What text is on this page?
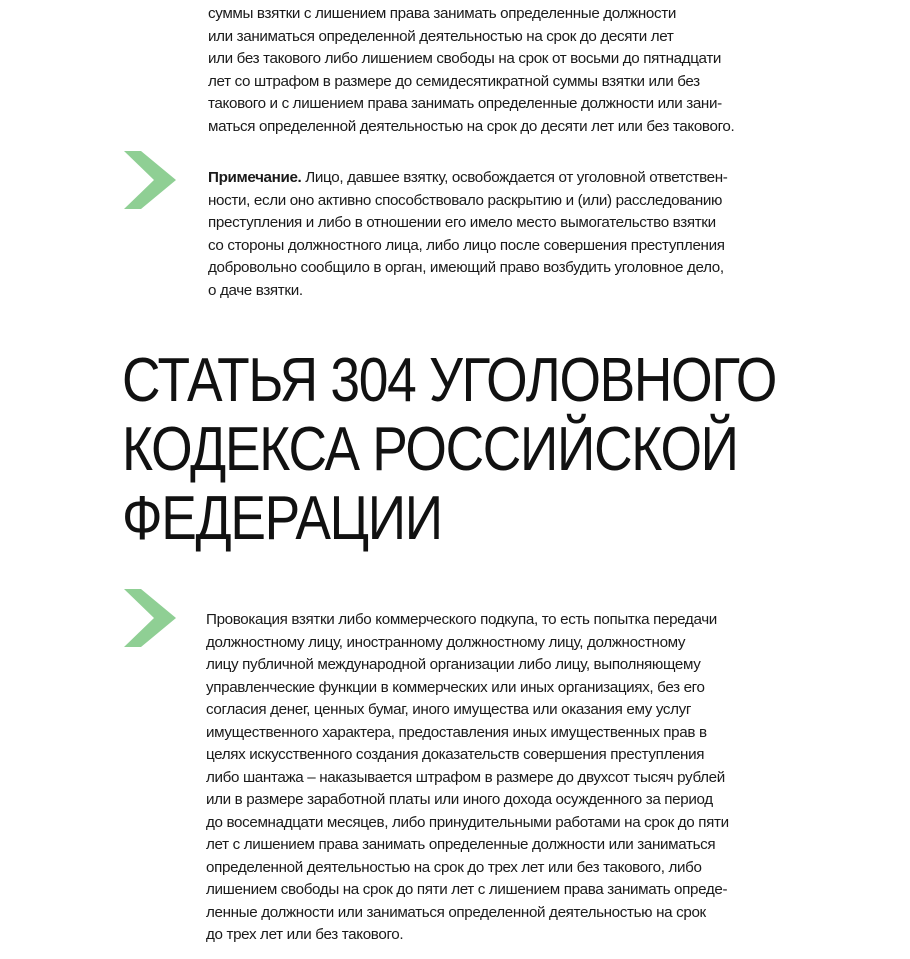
суммы взятки с лишением права занимать определенные должности
или заниматься определенной деятельностью на срок до десяти лет
или без такового либо лишением свободы на срок от восьми до пятнадцати
лет со штрафом в размере до семидесятикратной суммы взятки или без
такового и с лишением права занимать определенные должности или зани-
маться определенной деятельностью на срок до десяти лет или без такового.
Примечание. Лицо, давшее взятку, освобождается от уголовной ответствен-
ности, если оно активно способствовало раскрытию и (или) расследованию
преступления и либо в отношении его имело место вымогательство взятки
со стороны должностного лица, либо лицо после совершения преступления
добровольно сообщило в орган, имеющий право возбудить уголовное дело,
о даче взятки.
СТАТЬЯ 304 УГОЛОВНОГО
КОДЕКСА РОССИЙСКОЙ
ФЕДЕРАЦИИ
Провокация взятки либо коммерческого подкупа, то есть попытка передачи
должностному лицу, иностранному должностному лицу, должностному
лицу публичной международной организации либо лицу, выполняющему
управленческие функции в коммерческих или иных организациях, без его
согласия денег, ценных бумаг, иного имущества или оказания ему услуг
имущественного характера, предоставления иных имущественных прав в
целях искусственного создания доказательств совершения преступления
либо шантажа – наказывается штрафом в размере до двухсот тысяч рублей
или в размере заработной платы или иного дохода осужденного за период
до восемнадцати месяцев, либо принудительными работами на срок до пяти
лет с лишением права занимать определенные должности или заниматься
определенной деятельностью на срок до трех лет или без такового, либо
лишением свободы на срок до пяти лет с лишением права занимать опреде-
ленные должности или заниматься определенной деятельностью на срок
до трех лет или без такового.
